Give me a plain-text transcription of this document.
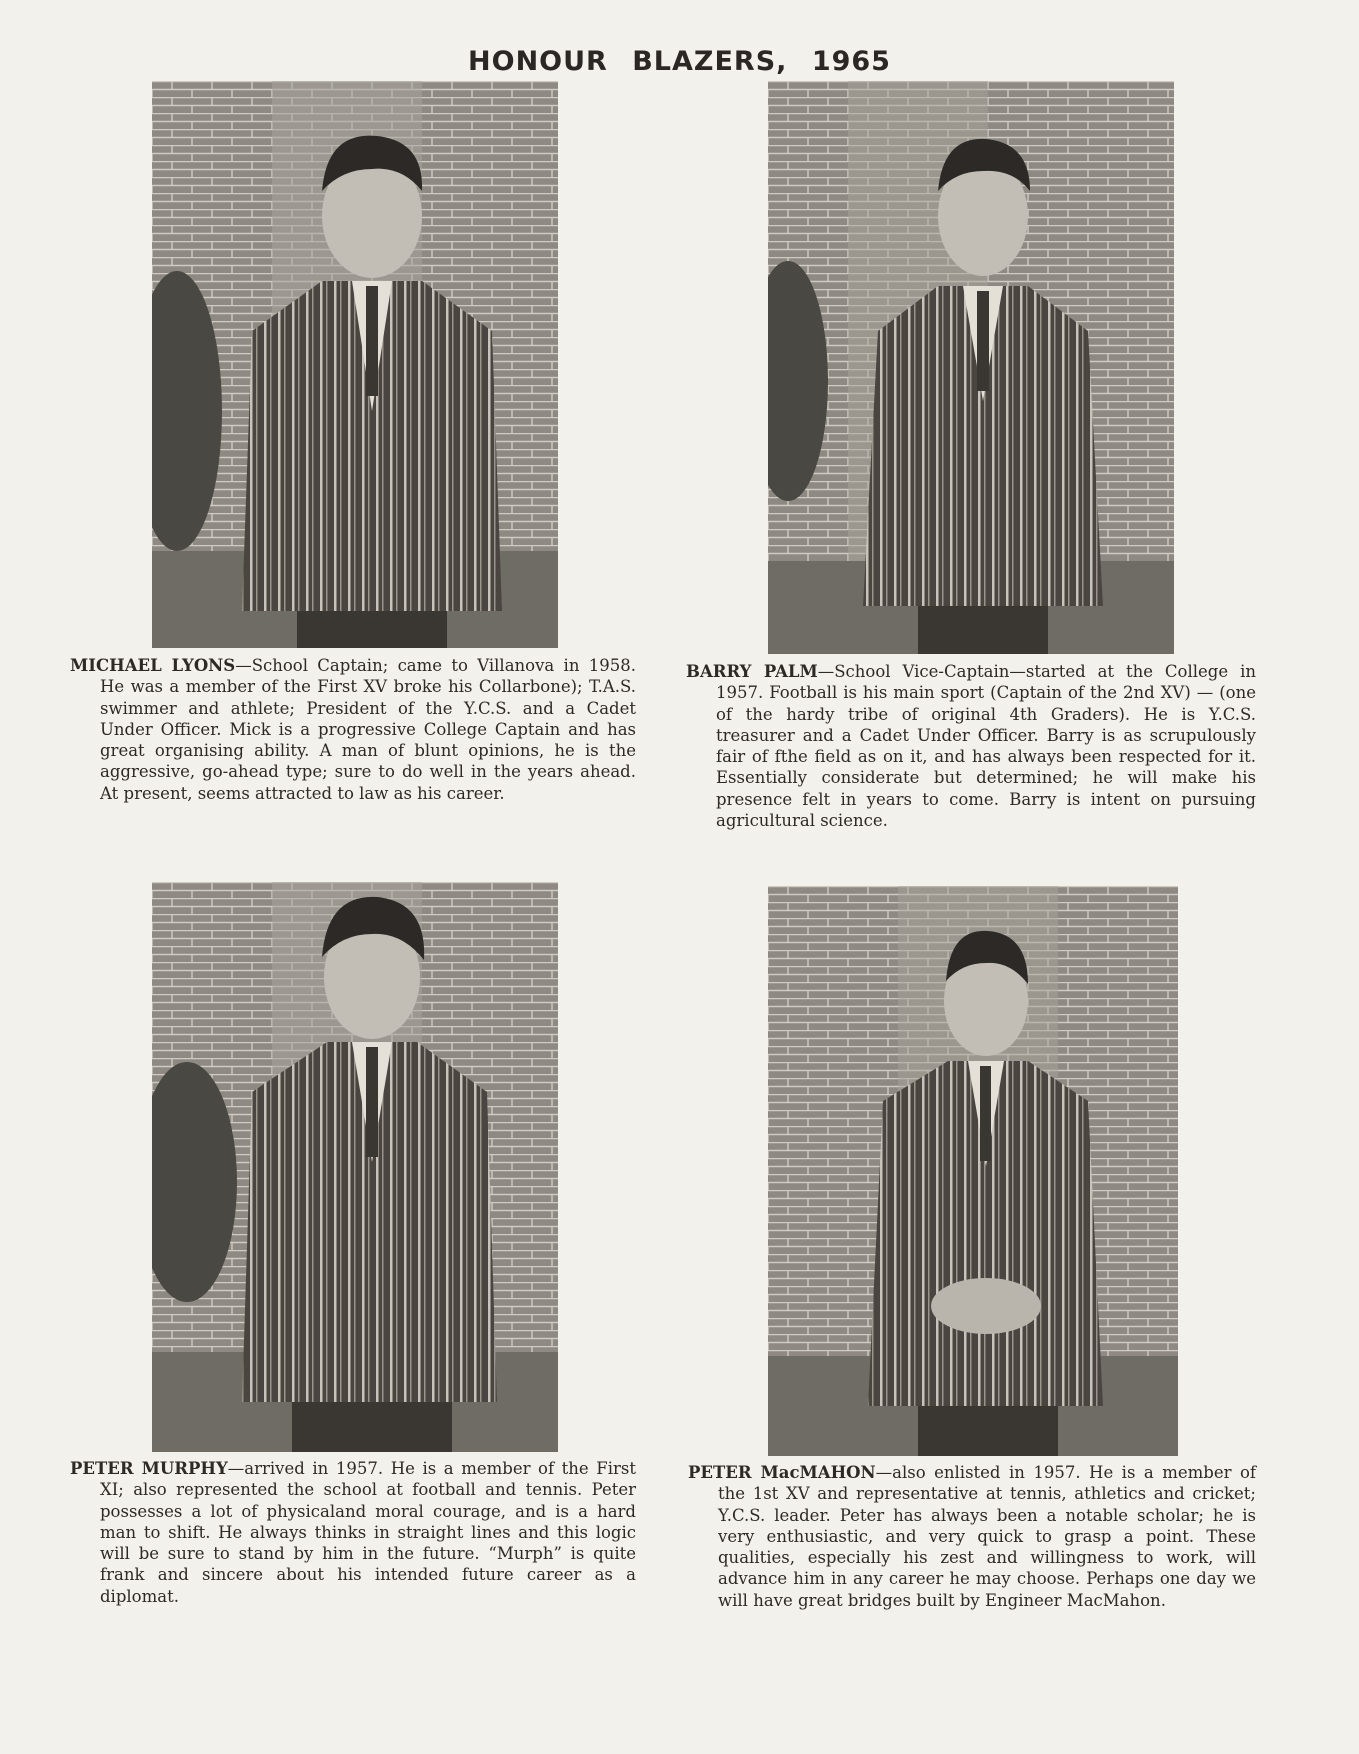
HONOUR BLAZERS, 1965

MICHAEL LYONS—School Captain; came to Villanova in 1958. He was a member of the First XV broke his Collarbone); T.A.S. swimmer and athlete; President of the Y.C.S. and a Cadet Under Officer. Mick is a progressive College Captain and has great organising ability. A man of blunt opinions, he is the aggressive, go-ahead type; sure to do well in the years ahead. At present, seems attracted to law as his career.

BARRY PALM—School Vice-Captain—started at the College in 1957. Football is his main sport (Captain of the 2nd XV) — (one of the hardy tribe of original 4th Graders). He is Y.C.S. treasurer and a Cadet Under Officer. Barry is as scrupulously fair of fthe field as on it, and has always been respected for it. Essentially considerate but determined; he will make his presence felt in years to come. Barry is intent on pursuing agricultural science.

PETER MURPHY—arrived in 1957. He is a member of the First XI; also represented the school at football and tennis. Peter possesses a lot of physicaland moral courage, and is a hard man to shift. He always thinks in straight lines and this logic will be sure to stand by him in the future. “Murph” is quite frank and sincere about his intended future career as a diplomat.

PETER MacMAHON—also enlisted in 1957. He is a member of the 1st XV and representative at tennis, athletics and cricket; Y.C.S. leader. Peter has always been a notable scholar; he is very enthusiastic, and very quick to grasp a point. These qualities, especially his zest and willingness to work, will advance him in any career he may choose. Perhaps one day we will have great bridges built by Engineer MacMahon.
